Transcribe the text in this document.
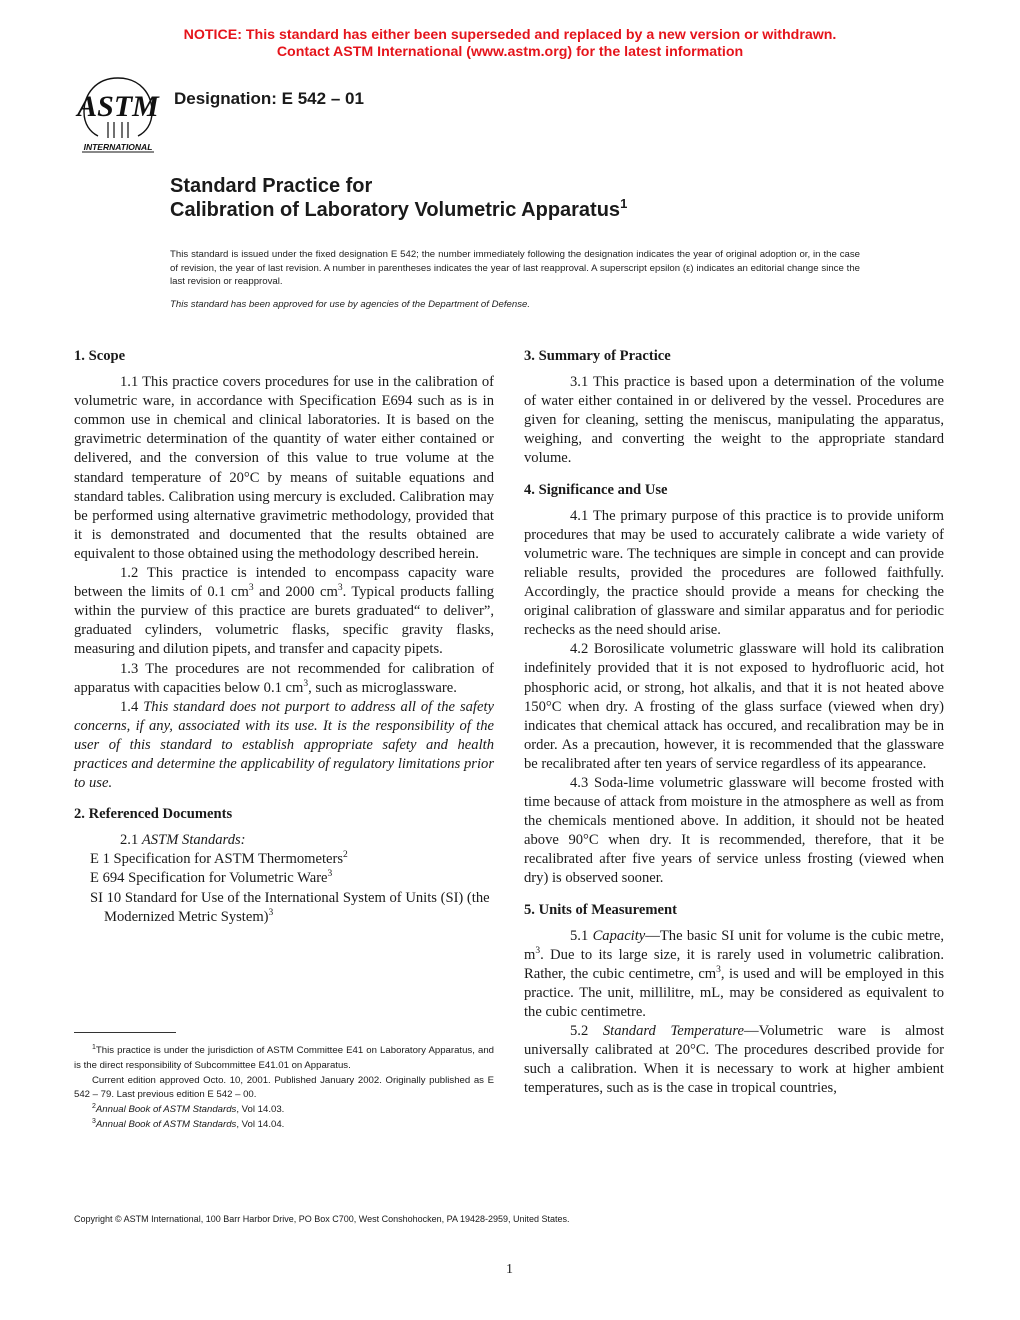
NOTICE: This standard has either been superseded and replaced by a new version or withdrawn.
Contact ASTM International (www.astm.org) for the latest information
ASTM
INTERNATIONAL
Designation: E 542 – 01
Standard Practice for
Calibration of Laboratory Volumetric Apparatus$^1$

This standard is issued under the fixed designation E 542; the number immediately following the designation indicates the year of original adoption or, in the case of revision, the year of last revision. A number in parentheses indicates the year of last reapproval. A superscript epsilon (ε) indicates an editorial change since the last revision or reapproval.

This standard has been approved for use by agencies of the Department of Defense.

1. Scope

1.1 This practice covers procedures for use in the calibration of volumetric ware, in accordance with Specification E694 such as is in common use in chemical and clinical laboratories. It is based on the gravimetric determination of the quantity of water either contained or delivered, and the conversion of this value to true volume at the standard temperature of 20°C by means of suitable equations and standard tables. Calibration using mercury is excluded. Calibration may be performed using alternative gravimetric methodology, provided that it is demonstrated and documented that the results obtained are equivalent to those obtained using the methodology described herein.

1.2 This practice is intended to encompass capacity ware between the limits of 0.1 $cm^3$ and 2000 $cm^3$. Typical products falling within the purview of this practice are burets graduated“ to deliver”, graduated cylinders, volumetric flasks, specific gravity flasks, measuring and dilution pipets, and transfer and capacity pipets.

1.3 The procedures are not recommended for calibration of apparatus with capacities below 0.1 $cm^3$, such as microglassware.

1.4 This standard does not purport to address all of the safety concerns, if any, associated with its use. It is the responsibility of the user of this standard to establish appropriate safety and health practices and determine the applicability of regulatory limitations prior to use.

2. Referenced Documents
2.1 ASTM Standards:
E 1 Specification for ASTM Thermometers$^2$
E 694 Specification for Volumetric Ware$^3$
SI 10 Standard for Use of the International System of Units (SI) (the Modernized Metric System)$^3$
3. Summary of Practice

3.1 This practice is based upon a determination of the volume of water either contained in or delivered by the vessel. Procedures are given for cleaning, setting the meniscus, manipulating the apparatus, weighing, and converting the weight to the appropriate standard volume.

4. Significance and Use

4.1 The primary purpose of this practice is to provide uniform procedures that may be used to accurately calibrate a wide variety of volumetric ware. The techniques are simple in concept and can provide reliable results, provided the procedures are followed faithfully. Accordingly, the practice should provide a means for checking the original calibration of glassware and similar apparatus and for periodic rechecks as the need should arise.

4.2 Borosilicate volumetric glassware will hold its calibration indefinitely provided that it is not exposed to hydrofluoric acid, hot phosphoric acid, or strong, hot alkalis, and that it is not heated above 150°C when dry. A frosting of the glass surface (viewed when dry) indicates that chemical attack has occured, and recalibration may be in order. As a precaution, however, it is recommended that the glassware be recalibrated after ten years of service regardless of its appearance.

4.3 Soda-lime volumetric glassware will become frosted with time because of attack from moisture in the atmosphere as well as from the chemicals mentioned above. In addition, it should not be heated above 90°C when dry. It is recommended, therefore, that it be recalibrated after five years of service unless frosting (viewed when dry) is observed sooner.

5. Units of Measurement

5.1 Capacity—The basic SI unit for volume is the cubic metre, $m^3$. Due to its large size, it is rarely used in volumetric calibration. Rather, the cubic centimetre, $cm^3$, is used and will be employed in this practice. The unit, millilitre, mL, may be considered as equivalent to the cubic centimetre.

5.2 Standard Temperature—Volumetric ware is almost universally calibrated at 20°C. The procedures described provide for such a calibration. When it is necessary to work at higher ambient temperatures, such as is the case in tropical countries,

$^1$This practice is under the jurisdiction of ASTM Committee E41 on Laboratory Apparatus, and is the direct responsibility of Subcommittee E41.01 on Apparatus.

Current edition approved Octo. 10, 2001. Published January 2002. Originally published as E 542 – 79. Last previous edition E 542 – 00.

$^2$Annual Book of ASTM Standards, Vol 14.03.

$^3$Annual Book of ASTM Standards, Vol 14.04.

Copyright © ASTM International, 100 Barr Harbor Drive, PO Box C700, West Conshohocken, PA 19428-2959, United States.
1
